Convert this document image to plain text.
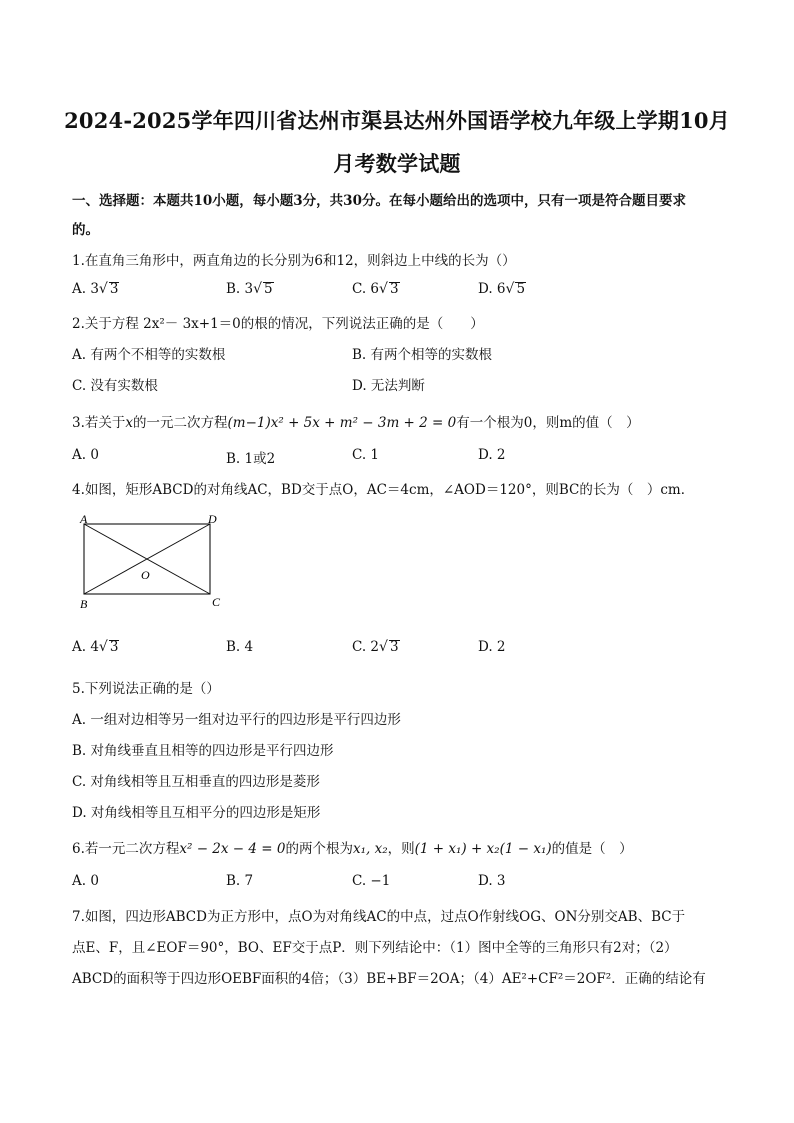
2024-2025学年四川省达州市渠县达州外国语学校九年级上学期10月
月考数学试题
一、选择题：本题共10小题，每小题3分，共30分。在每小题给出的选项中，只有一项是符合题目要求
的。
1.在直角三角形中，两直角边的长分别为6和12，则斜边上中线的长为（）
A. 3√ 3	B. 3√ 5	C. 6√ 3	D. 6√ 5
2.关于方程 2x²－ 3x+1＝0的根的情况，下列说法正确的是（　　）
A. 有两个不相等的实数根	B. 有两个相等的实数根
C. 没有实数根	D. 无法判断
3.若关于x的一元二次方程(m−1)x² + 5x + m² − 3m + 2 = 0有一个根为0，则m的值（　）
A. 0	B. 1或2	C. 1	D. 2
4.如图，矩形ABCD的对角线AC，BD交于点O，AC＝4cm，∠AOD＝120°，则BC的长为（　）cm．
A	D
B	C
O
A. 4√ 3	B. 4	C. 2√ 3	D. 2
5.下列说法正确的是（）
A. 一组对边相等另一组对边平行的四边形是平行四边形
B. 对角线垂直且相等的四边形是平行四边形
C. 对角线相等且互相垂直的四边形是菱形
D. 对角线相等且互相平分的四边形是矩形
6.若一元二次方程x² − 2x − 4 = 0的两个根为x₁, x₂，则(1 + x₁) + x₂(1 − x₁)的值是（　）
A. 0	B. 7	C. −1	D. 3
7.如图，四边形ABCD为正方形中，点O为对角线AC的中点，过点O作射线OG、ON分别交AB、BC于
点E、F，且∠EOF＝90°，BO、EF交于点P．则下列结论中：（1）图中全等的三角形只有2对；（2）
ABCD的面积等于四边形OEBF面积的4倍；（3）BE+BF＝2OA；（4）AE²+CF²＝2OF²．正确的结论有
